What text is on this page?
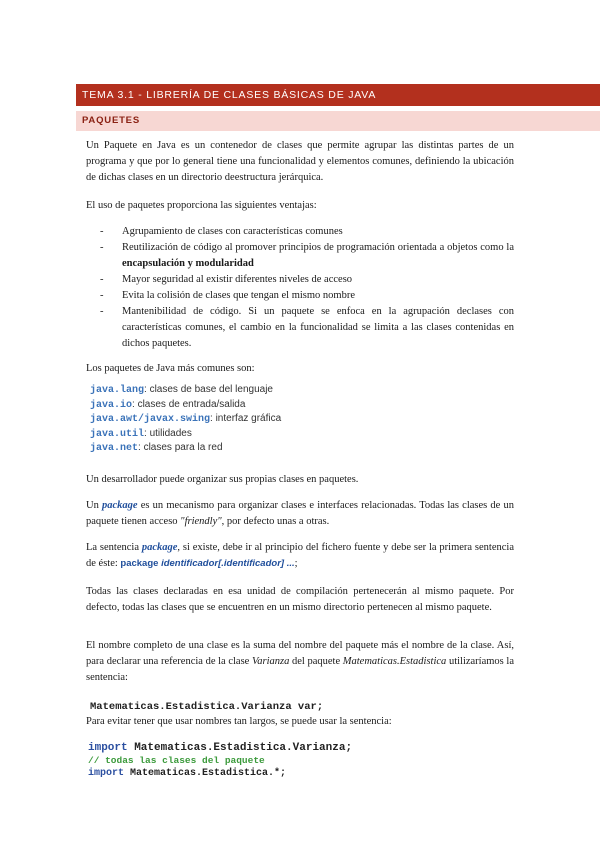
TEMA 3.1 - LIBRERÍA DE CLASES BÁSICAS DE JAVA
PAQUETES
Un Paquete en Java es un contenedor de clases que permite agrupar las distintas partes de un programa y que por lo general tiene una funcionalidad y elementos comunes, definiendo la ubicación de dichas clases en un directorio deestructura jerárquica.
El uso de paquetes proporciona las siguientes ventajas:
- Agrupamiento de clases con características comunes
- Reutilización de código al promover principios de programación orientada a objetos como la encapsulación y modularidad
- Mayor seguridad al existir diferentes niveles de acceso
- Evita la colisión de clases que tengan el mismo nombre
- Mantenibilidad de código. Si un paquete se enfoca en la agrupación declases con características comunes, el cambio en la funcionalidad se limita a las clases contenidas en dichos paquetes.
Los paquetes de Java más comunes son:
java.lang: clases de base del lenguaje
java.io: clases de entrada/salida
java.awt/javax.swing: interfaz gráfica
java.util: utilidades
java.net: clases para la red
Un desarrollador puede organizar sus propias clases en paquetes.
Un package es un mecanismo para organizar clases e interfaces relacionadas. Todas las clases de un paquete tienen acceso "friendly", por defecto unas a otras.
La sentencia package, si existe, debe ir al principio del fichero fuente y debe ser la primera sentencia de éste: package identificador[.identificador] ...;
Todas las clases declaradas en esa unidad de compilación pertenecerán al mismo paquete. Por defecto, todas las clases que se encuentren en un mismo directorio pertenecen al mismo paquete.
El nombre completo de una clase es la suma del nombre del paquete más el nombre de la clase. Así, para declarar una referencia de la clase Varianza del paquete Matematicas.Estadistica utilizaríamos la sentencia:
Matematicas.Estadistica.Varianza var;
Para evitar tener que usar nombres tan largos, se puede usar la sentencia:
import Matematicas.Estadistica.Varianza;
// todas las clases del paquete
import Matematicas.Estadistica.*;
